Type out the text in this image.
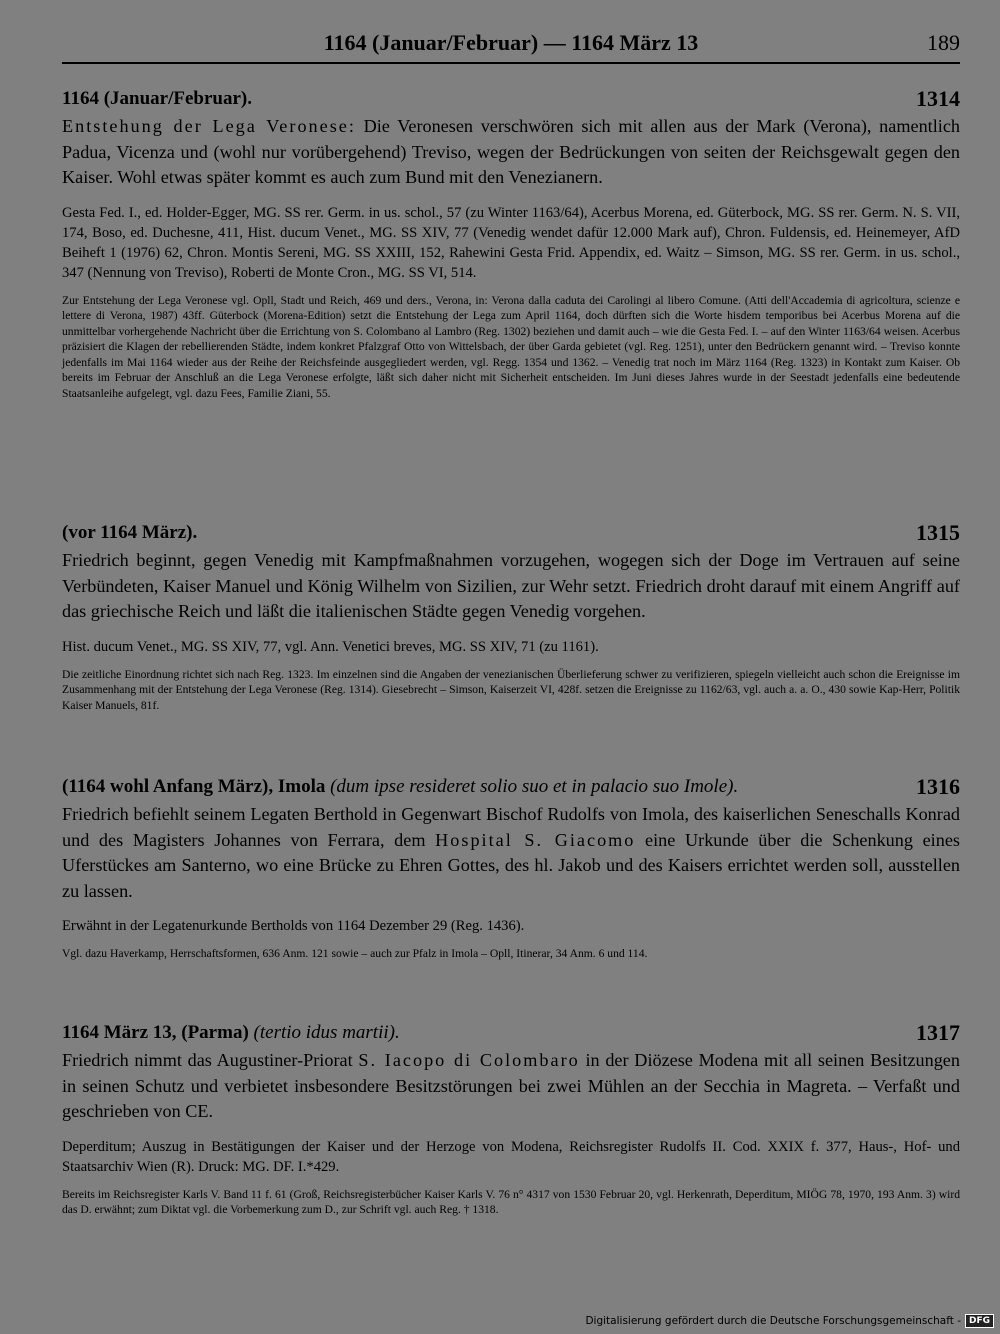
1164 (Januar/Februar) — 1164 März 13	189
1164 (Januar/Februar).	1314

Entstehung der Lega Veronese: Die Veronesen verschwören sich mit allen aus der Mark (Verona), namentlich Padua, Vicenza und (wohl nur vorübergehend) Treviso, wegen der Bedrückungen von seiten der Reichsgewalt gegen den Kaiser. Wohl etwas später kommt es auch zum Bund mit den Venezianern.

Gesta Fed. I., ed. Holder-Egger, MG. SS rer. Germ. in us. schol., 57 (zu Winter 1163/64), Acerbus Morena, ed. Güterbock, MG. SS rer. Germ. N. S. VII, 174, Boso, ed. Duchesne, 411, Hist. ducum Venet., MG. SS XIV, 77 (Venedig wendet dafür 12.000 Mark auf), Chron. Fuldensis, ed. Heinemeyer, AfD Beiheft 1 (1976) 62, Chron. Montis Sereni, MG. SS XXIII, 152, Rahewini Gesta Frid. Appendix, ed. Waitz – Simson, MG. SS rer. Germ. in us. schol., 347 (Nennung von Treviso), Roberti de Monte Cron., MG. SS VI, 514.

Zur Entstehung der Lega Veronese vgl. Opll, Stadt und Reich, 469 und ders., Verona, in: Verona dalla caduta dei Carolingi al libero Comune. (Atti dell'Accademia di agricoltura, scienze e lettere di Verona, 1987) 43ff. Güterbock (Morena-Edition) setzt die Entstehung der Lega zum April 1164, doch dürften sich die Worte hisdem temporibus bei Acerbus Morena auf die unmittelbar vorhergehende Nachricht über die Errichtung von S. Colombano al Lambro (Reg. 1302) beziehen und damit auch – wie die Gesta Fed. I. – auf den Winter 1163/64 weisen. Acerbus präzisiert die Klagen der rebellierenden Städte, indem konkret Pfalzgraf Otto von Wittelsbach, der über Garda gebietet (vgl. Reg. 1251), unter den Bedrückern genannt wird. – Treviso konnte jedenfalls im Mai 1164 wieder aus der Reihe der Reichsfeinde ausgegliedert werden, vgl. Regg. 1354 und 1362. – Venedig trat noch im März 1164 (Reg. 1323) in Kontakt zum Kaiser. Ob bereits im Februar der Anschluß an die Lega Veronese erfolgte, läßt sich daher nicht mit Sicherheit entscheiden. Im Juni dieses Jahres wurde in der Seestadt jedenfalls eine bedeutende Staatsanleihe aufgelegt, vgl. dazu Fees, Familie Ziani, 55.

(vor 1164 März).	1315

Friedrich beginnt, gegen Venedig mit Kampfmaßnahmen vorzugehen, wogegen sich der Doge im Vertrauen auf seine Verbündeten, Kaiser Manuel und König Wilhelm von Sizilien, zur Wehr setzt. Friedrich droht darauf mit einem Angriff auf das griechische Reich und läßt die italienischen Städte gegen Venedig vorgehen.

Hist. ducum Venet., MG. SS XIV, 77, vgl. Ann. Venetici breves, MG. SS XIV, 71 (zu 1161).

Die zeitliche Einordnung richtet sich nach Reg. 1323. Im einzelnen sind die Angaben der venezianischen Überlieferung schwer zu verifizieren, spiegeln vielleicht auch schon die Ereignisse im Zusammenhang mit der Entstehung der Lega Veronese (Reg. 1314). Giesebrecht – Simson, Kaiserzeit VI, 428f. setzen die Ereignisse zu 1162/63, vgl. auch a. a. O., 430 sowie Kap-Herr, Politik Kaiser Manuels, 81f.

(1164 wohl Anfang März), Imola (dum ipse resideret solio suo et in palacio suo Imole).	1316

Friedrich befiehlt seinem Legaten Berthold in Gegenwart Bischof Rudolfs von Imola, des kaiserlichen Seneschalls Konrad und des Magisters Johannes von Ferrara, dem Hospital S. Giacomo eine Urkunde über die Schenkung eines Uferstückes am Santerno, wo eine Brücke zu Ehren Gottes, des hl. Jakob und des Kaisers errichtet werden soll, ausstellen zu lassen.

Erwähnt in der Legatenurkunde Bertholds von 1164 Dezember 29 (Reg. 1436).

Vgl. dazu Haverkamp, Herrschaftsformen, 636 Anm. 121 sowie – auch zur Pfalz in Imola – Opll, Itinerar, 34 Anm. 6 und 114.

1164 März 13, (Parma) (tertio idus martii).	1317

Friedrich nimmt das Augustiner-Priorat S. Iacopo di Colombaro in der Diözese Modena mit all seinen Besitzungen in seinen Schutz und verbietet insbesondere Besitzstörungen bei zwei Mühlen an der Secchia in Magreta. – Verfaßt und geschrieben von CE.

Deperditum; Auszug in Bestätigungen der Kaiser und der Herzoge von Modena, Reichsregister Rudolfs II. Cod. XXIX f. 377, Haus-, Hof- und Staatsarchiv Wien (R). Druck: MG. DF. I.*429.

Bereits im Reichsregister Karls V. Band 11 f. 61 (Groß, Reichsregisterbücher Kaiser Karls V. 76 n° 4317 von 1530 Februar 20, vgl. Herkenrath, Deperditum, MIÖG 78, 1970, 193 Anm. 3) wird das D. erwähnt; zum Diktat vgl. die Vorbemerkung zum D., zur Schrift vgl. auch Reg. † 1318.

Digitalisierung gefördert durch die Deutsche Forschungsgemeinschaft - DFG
